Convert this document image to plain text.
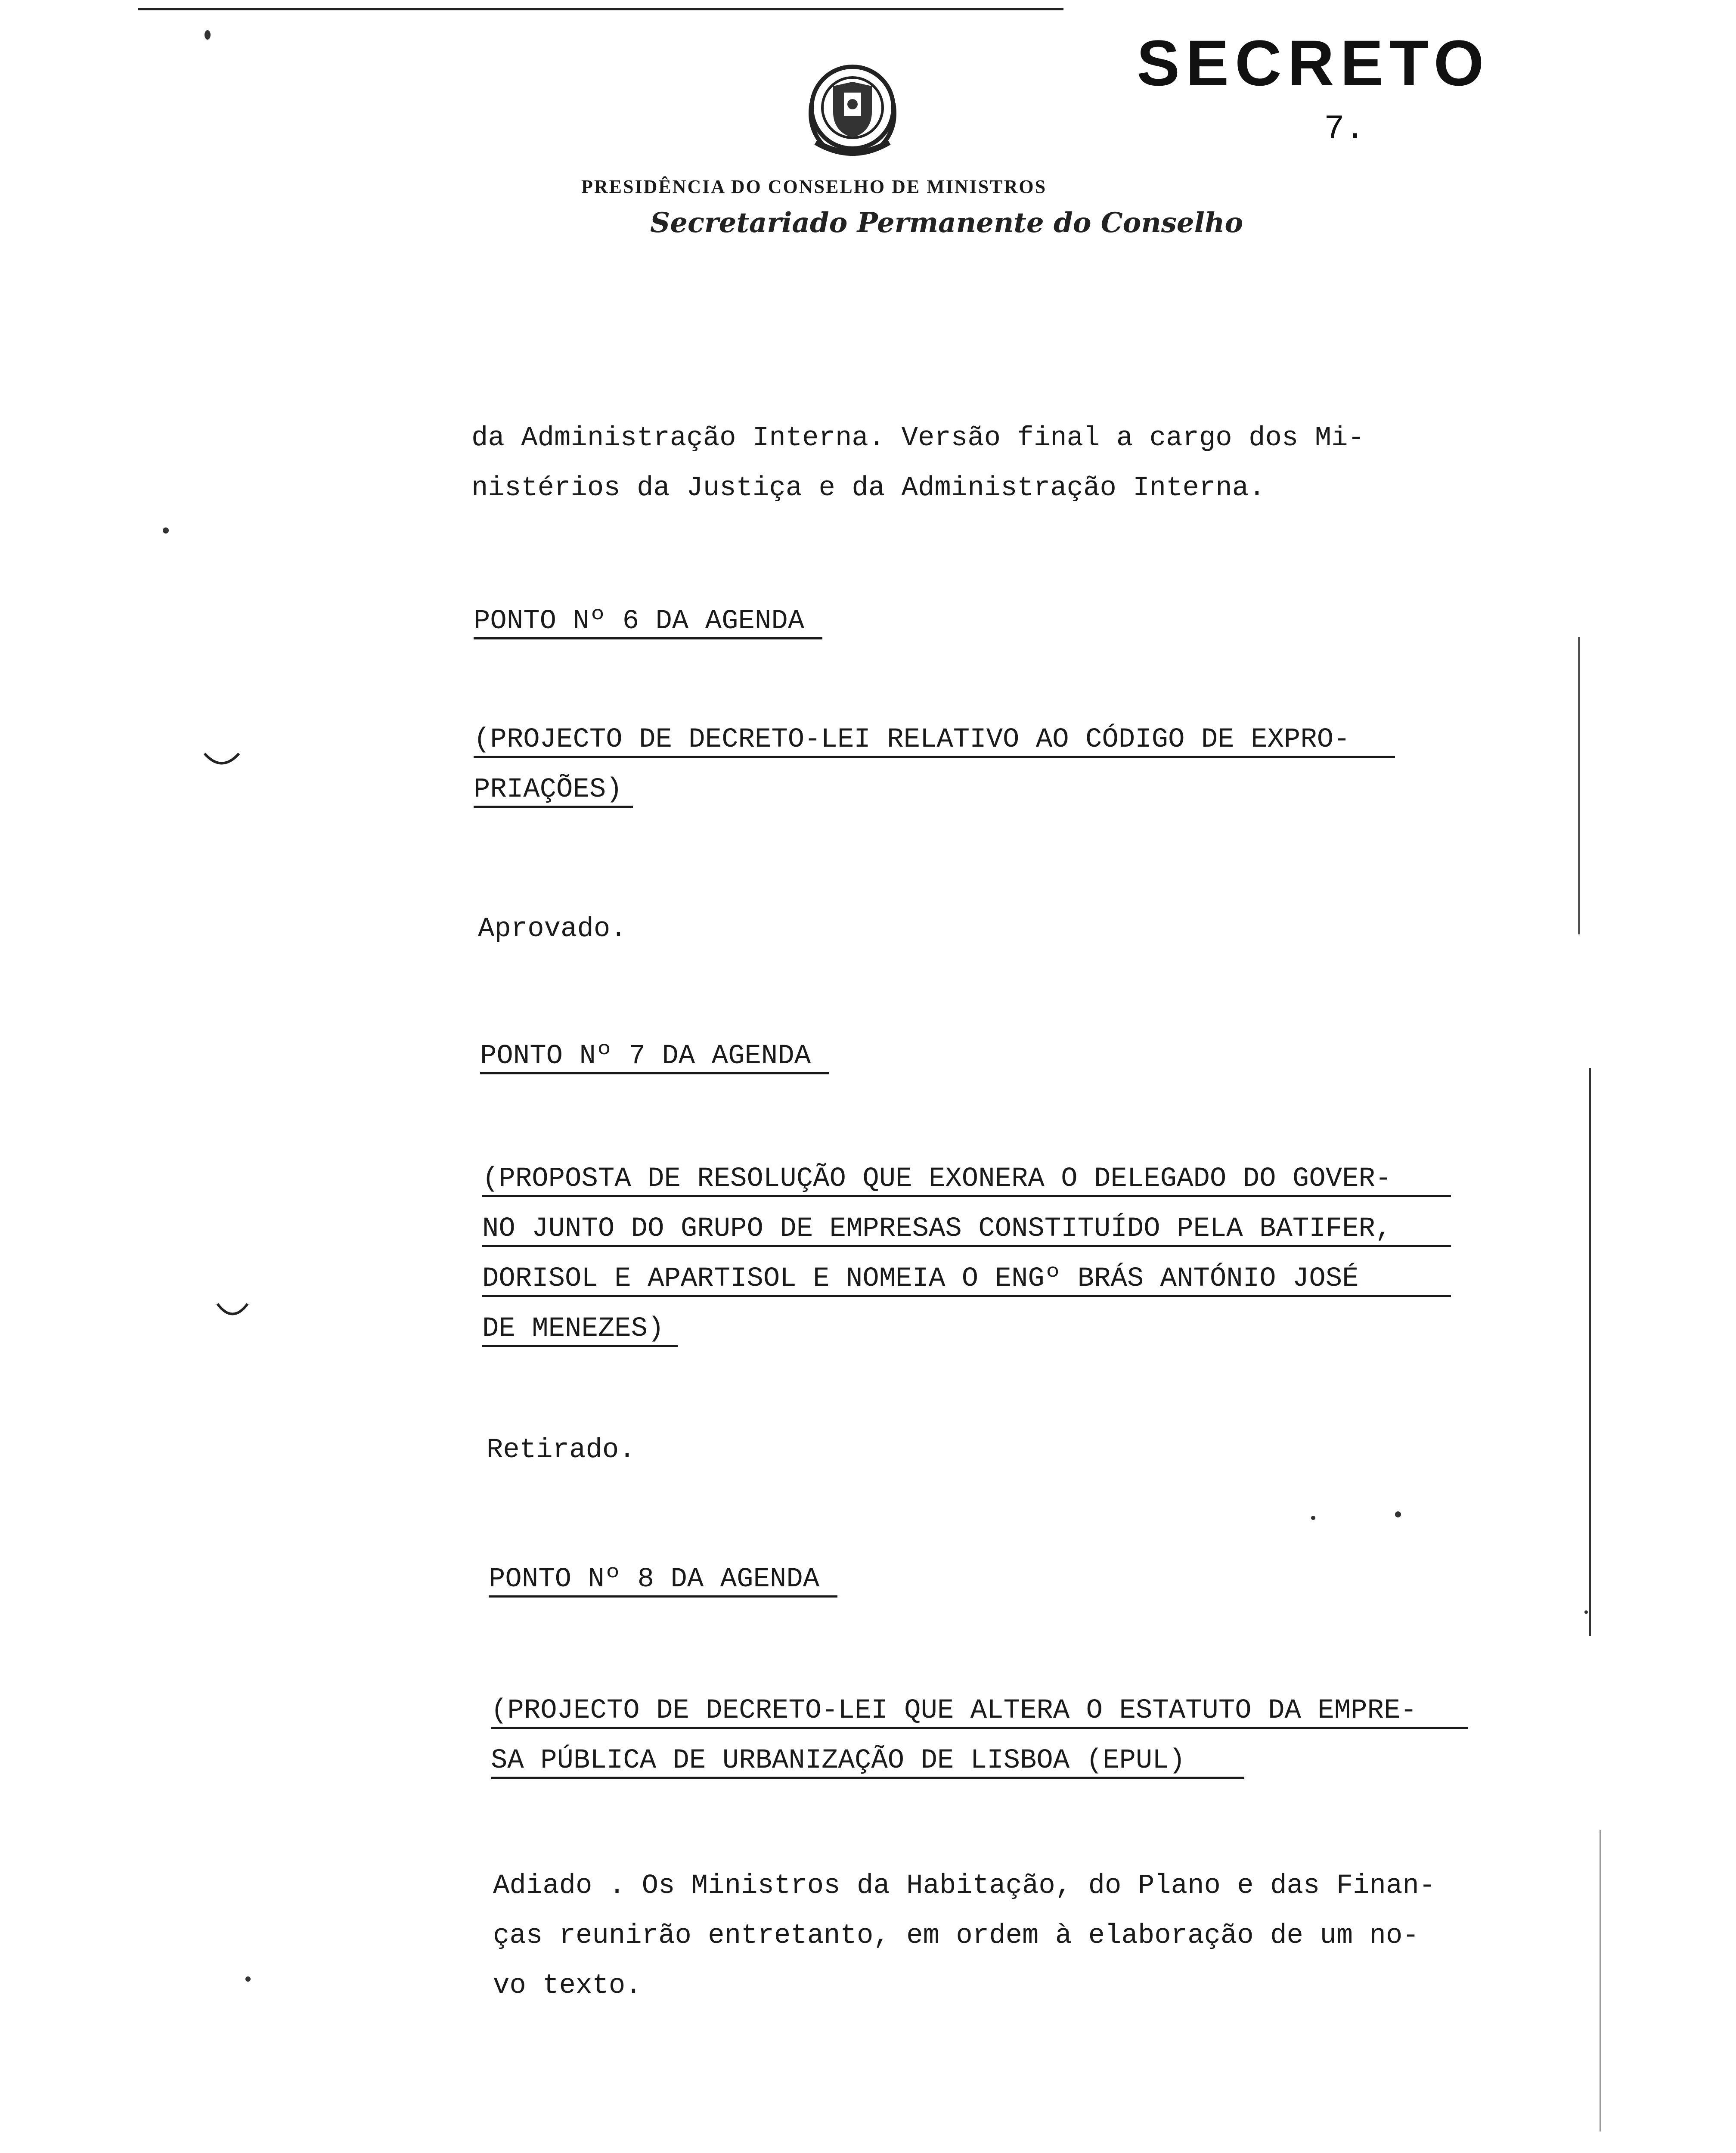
SECRETO
7.
PRESIDÊNCIA DO CONSELHO DE MINISTROS
Secretariado Permanente do Conselho

da Administração Interna. Versão final a cargo dos Mi-

nistérios da Justiça e da Administração Interna.

PONTO Nº 6 DA AGENDA

(PROJECTO DE DECRETO-LEI RELATIVO AO CÓDIGO DE EXPRO-

PRIAÇÕES)

Aprovado.

PONTO Nº 7 DA AGENDA

(PROPOSTA DE RESOLUÇÃO QUE EXONERA O DELEGADO DO GOVER-

NO JUNTO DO GRUPO DE EMPRESAS CONSTITUÍDO PELA BATIFER,

DORISOL E APARTISOL E NOMEIA O ENGº BRÁS ANTÓNIO JOSÉ

DE MENEZES)

Retirado.

PONTO Nº 8 DA AGENDA

(PROJECTO DE DECRETO-LEI QUE ALTERA O ESTATUTO DA EMPRE-

SA PÚBLICA DE URBANIZAÇÃO DE LISBOA (EPUL)

Adiado . Os Ministros da Habitação, do Plano e das Finan-

ças reunirão entretanto, em ordem à elaboração de um no-

vo texto.
